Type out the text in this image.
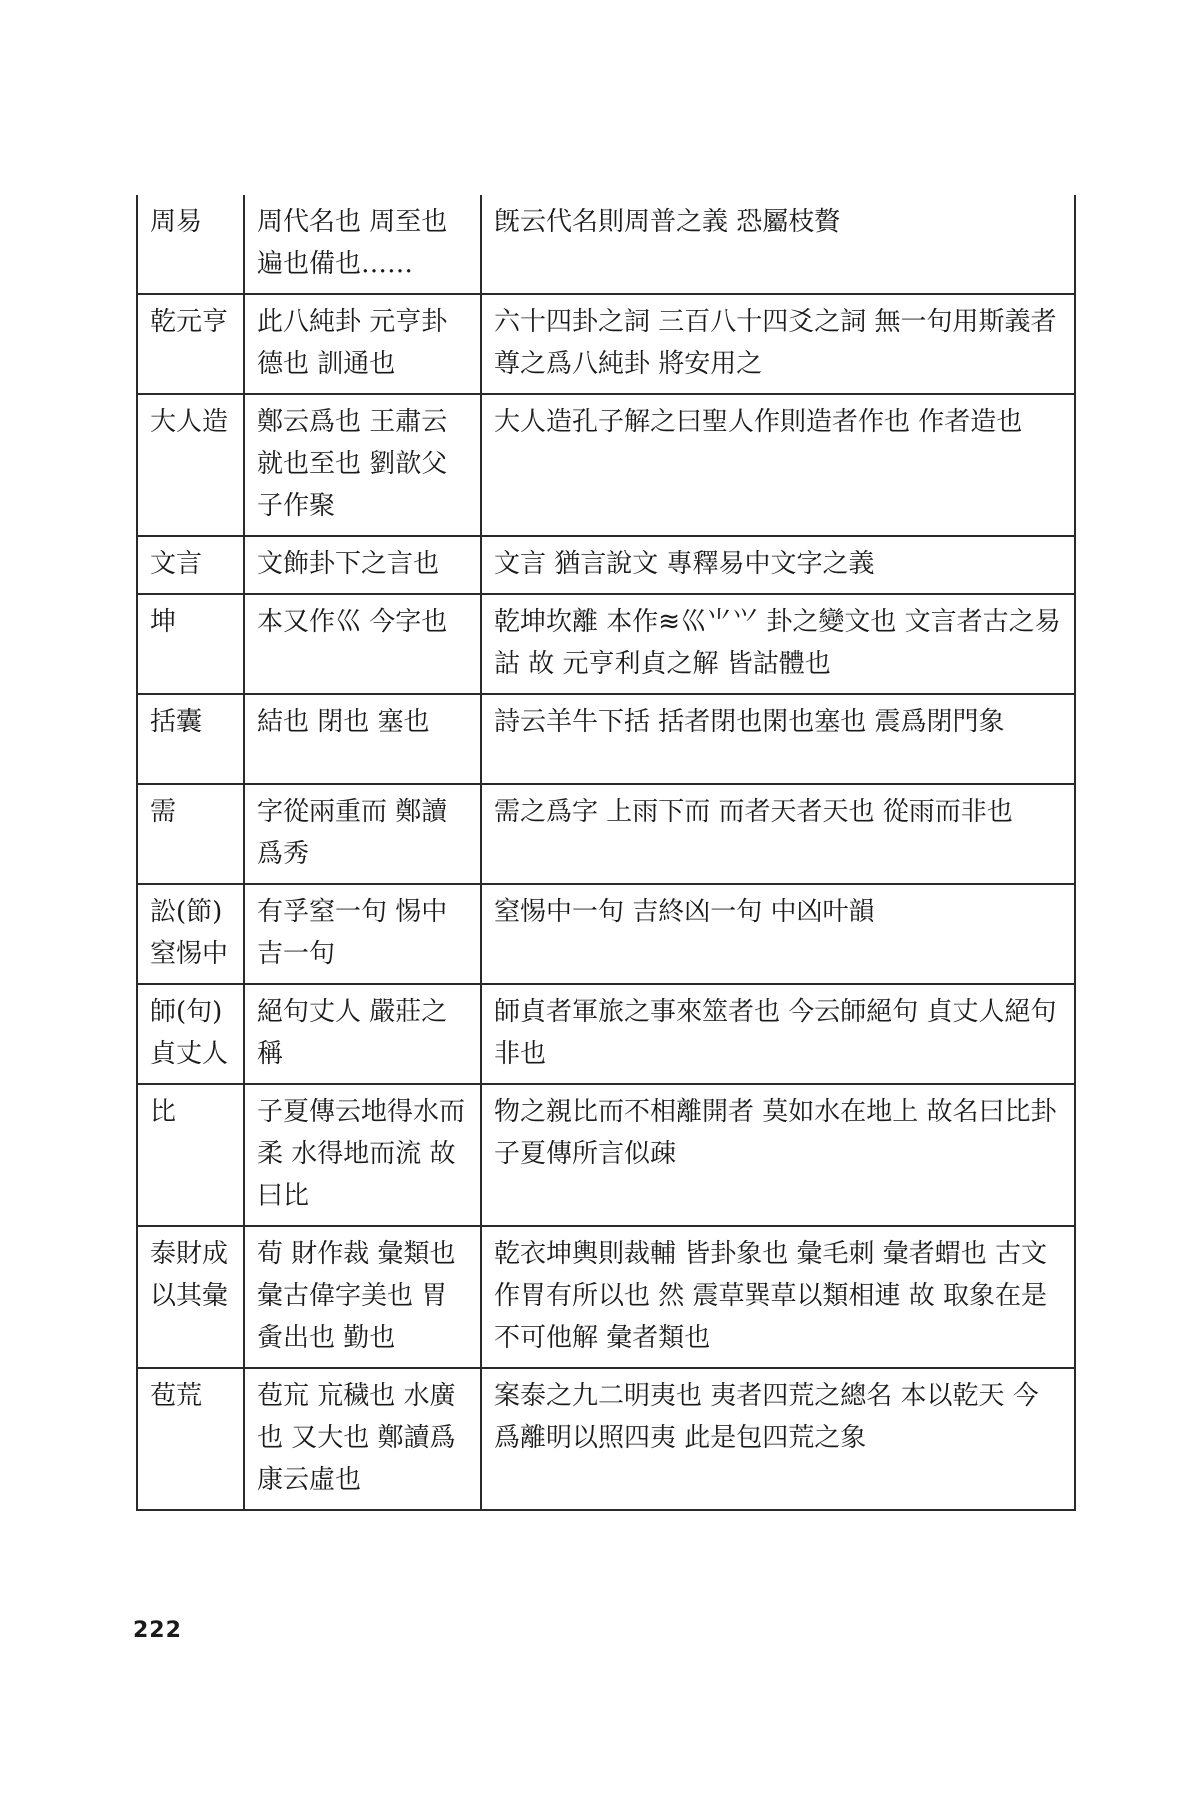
周易	周代名也 周至也 遍也備也……	旣云代名則周普之義 恐屬枝贅
乾元亨	此八純卦 元亨卦德也 訓通也	六十四卦之詞 三百八十四爻之詞 無一句用斯義者 尊之爲八純卦 將安用之
大人造	鄭云爲也 王肅云就也至也 劉歆父子作聚	大人造孔子解之曰聖人作則造者作也 作者造也
文言	文飾卦下之言也	文言 猶言說文 專釋易中文字之義
坤	本又作巛 今字也	乾坤坎離 本作≋巛⺌⺍ 卦之變文也 文言者古之易詁 故 元亨利貞之解 皆詁體也
括囊	結也 閉也 塞也	詩云羊牛下括 括者閉也閑也塞也 震爲閉門象
需	字從兩重而 鄭讀爲秀	需之爲字 上雨下而 而者天者天也 從雨而非也
訟(節)窒惕中	有孚窒一句 惕中吉一句	窒惕中一句 吉終凶一句 中凶叶韻
師(句)貞丈人	絕句丈人 嚴莊之稱	師貞者軍旅之事來筮者也 今云師絕句 貞丈人絕句 非也
比	子夏傳云地得水而柔 水得地而流 故曰比	物之親比而不相離開者 莫如水在地上 故名曰比卦 子夏傳所言似疎
泰財成以其彙	荀 財作裁 彙類也 彙古偉字美也 胃夤出也 勤也	乾衣坤輿則裁輔 皆卦象也 彙毛刺 彙者蝟也 古文作胃有所以也 然 震草巽草以類相連 故 取象在是 不可他解 彙者類也
苞荒	苞巟 巟穢也 水廣也 又大也 鄭讀爲康云虛也	案泰之九二明夷也 夷者四荒之總名 本以乾天 今爲離明以照四夷 此是包四荒之象
222
